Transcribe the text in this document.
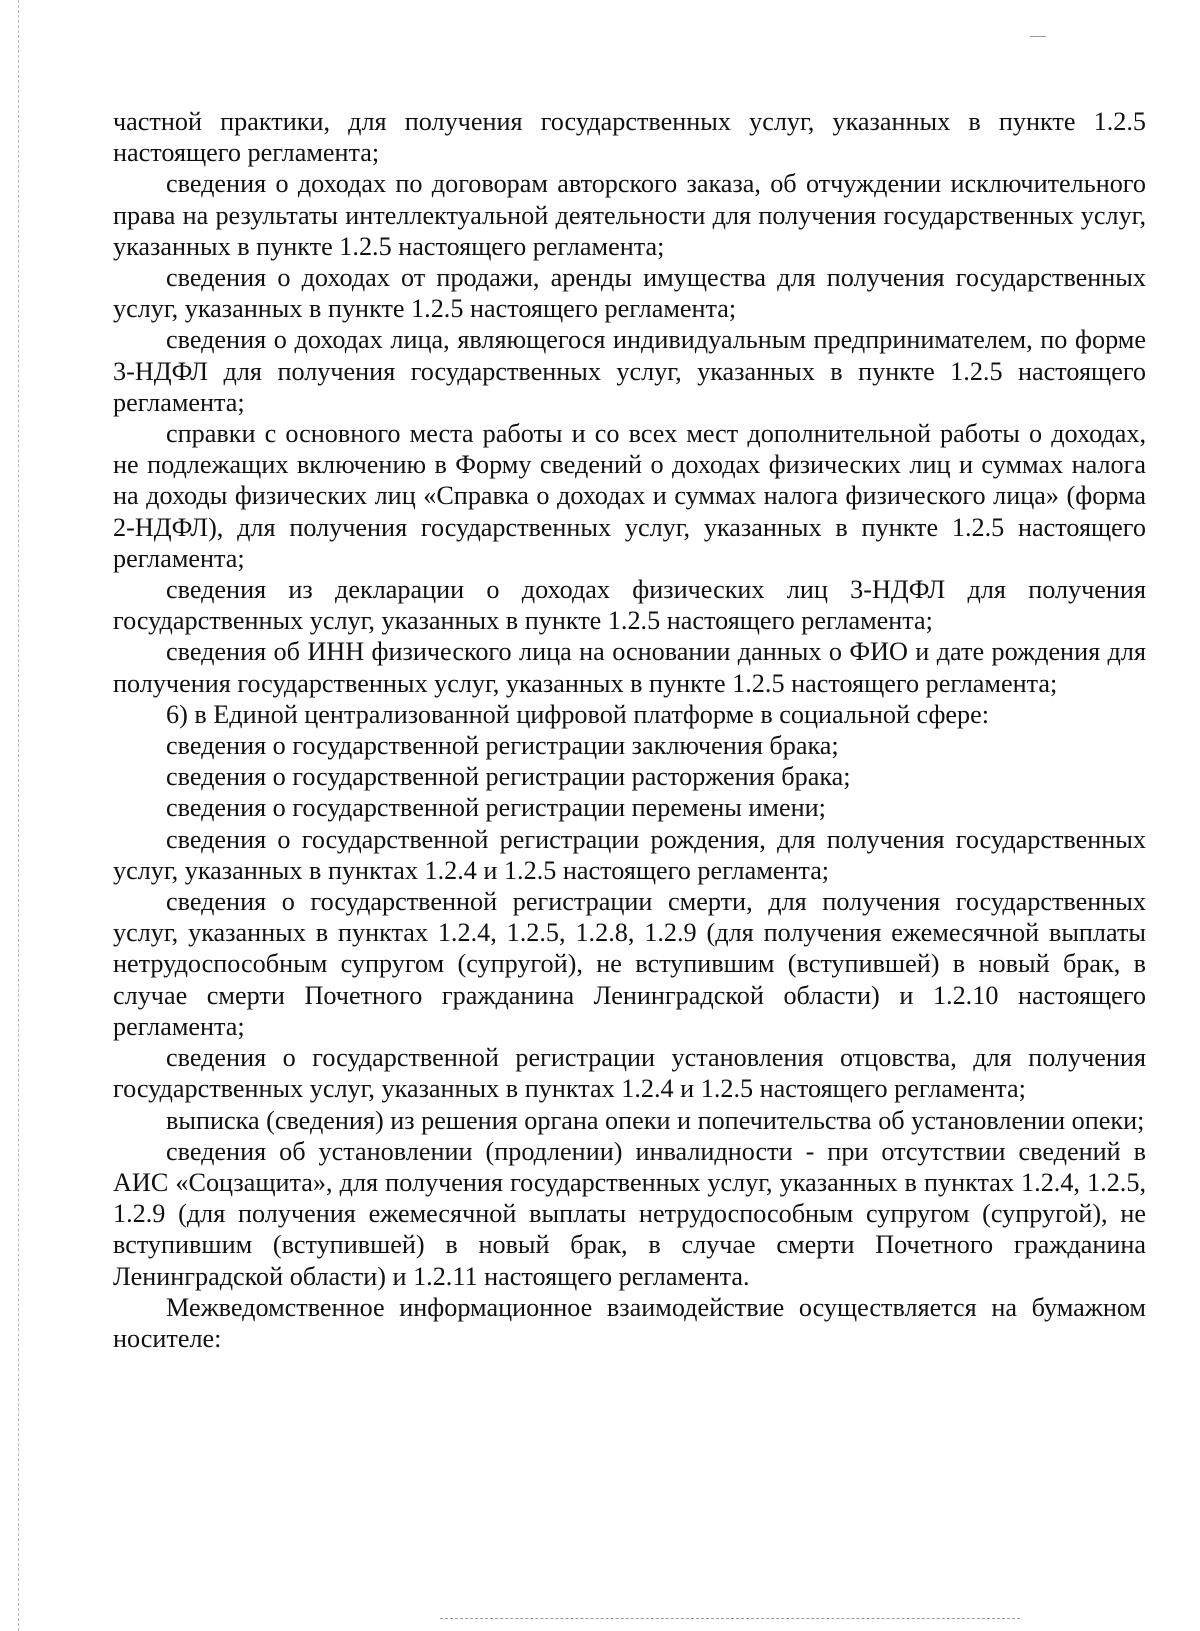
частной практики, для получения государственных услуг, указанных в пункте 1.2.5 настоящего регламента;

сведения о доходах по договорам авторского заказа, об отчуждении исключительного права на результаты интеллектуальной деятельности для получения государственных услуг, указанных в пункте 1.2.5 настоящего регламента;

сведения о доходах от продажи, аренды имущества для получения государственных услуг, указанных в пункте 1.2.5 настоящего регламента;

сведения о доходах лица, являющегося индивидуальным предпринимателем, по форме 3-НДФЛ для получения государственных услуг, указанных в пункте 1.2.5 настоящего регламента;

справки с основного места работы и со всех мест дополнительной работы о доходах, не подлежащих включению в Форму сведений о доходах физических лиц и суммах налога на доходы физических лиц «Справка о доходах и суммах налога физического лица» (форма 2-НДФЛ), для получения государственных услуг, указанных в пункте 1.2.5 настоящего регламента;

сведения из декларации о доходах физических лиц 3-НДФЛ для получения государственных услуг, указанных в пункте 1.2.5 настоящего регламента;

сведения об ИНН физического лица на основании данных о ФИО и дате рождения для получения государственных услуг, указанных в пункте 1.2.5 настоящего регламента;

6) в Единой централизованной цифровой платформе в социальной сфере:

сведения о государственной регистрации заключения брака;

сведения о государственной регистрации расторжения брака;

сведения о государственной регистрации перемены имени;

сведения о государственной регистрации рождения, для получения государственных услуг, указанных в пунктах 1.2.4 и 1.2.5 настоящего регламента;

сведения о государственной регистрации смерти, для получения государственных услуг, указанных в пунктах 1.2.4, 1.2.5, 1.2.8, 1.2.9 (для получения ежемесячной выплаты нетрудоспособным супругом (супругой), не вступившим (вступившей) в новый брак, в случае смерти Почетного гражданина Ленинградской области) и 1.2.10 настоящего регламента;

сведения о государственной регистрации установления отцовства, для получения государственных услуг, указанных в пунктах 1.2.4 и 1.2.5 настоящего регламента;

выписка (сведения) из решения органа опеки и попечительства об установлении опеки;

сведения об установлении (продлении) инвалидности - при отсутствии сведений в АИС «Соцзащита», для получения государственных услуг, указанных в пунктах 1.2.4, 1.2.5, 1.2.9 (для получения ежемесячной выплаты нетрудоспособным супругом (супругой), не вступившим (вступившей) в новый брак, в случае смерти Почетного гражданина Ленинградской области) и 1.2.11 настоящего регламента.

Межведомственное информационное взаимодействие осуществляется на бумажном носителе:
